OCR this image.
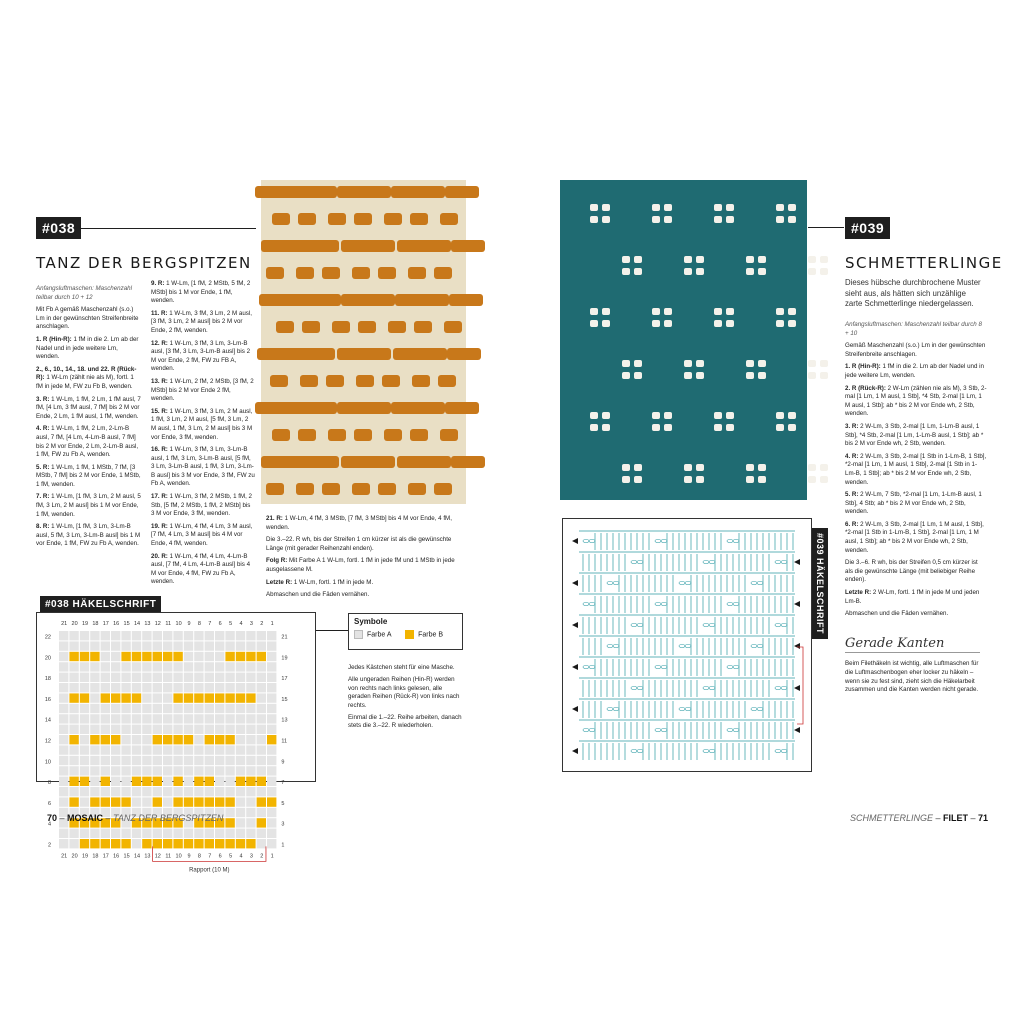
#038
TANZ DER BERGSPITZEN

Anfangsluftmaschen: Maschenzahl teilbar durch 10 + 12

Mit Fb A gemäß Maschenzahl (s.o.) Lm in der gewünschten Streifenbreite anschlagen.

1. R (Hin-R): 1 fM in die 2. Lm ab der Nadel und in jede weitere Lm, wenden.

2., 6., 10., 14., 18. und 22. R (Rück-R): 1 W-Lm (zählt nie als M), fortl. 1 fM in jede M, FW zu Fb B, wenden.

3. R: 1 W-Lm, 1 fM, 2 Lm, 1 fM ausl, 7 fM, [4 Lm, 3 fM ausl, 7 fM] bis 2 M vor Ende, 2 Lm, 1 fM ausl, 1 fM, wenden.

4. R: 1 W-Lm, 1 fM, 2 Lm, 2-Lm-B ausl, 7 fM, [4 Lm, 4-Lm-B ausl, 7 fM] bis 2 M vor Ende, 2 Lm, 2-Lm-B ausl, 1 fM, FW zu Fb A, wenden.

5. R: 1 W-Lm, 1 fM, 1 MStb, 7 fM, [3 MStb, 7 fM] bis 2 M vor Ende, 1 MStb, 1 fM, wenden.

7. R: 1 W-Lm, [1 fM, 3 Lm, 2 M ausl, 5 fM, 3 Lm, 2 M ausl] bis 1 M vor Ende, 1 fM, wenden.

8. R: 1 W-Lm, [1 fM, 3 Lm, 3-Lm-B ausl, 5 fM, 3 Lm, 3-Lm-B ausl] bis 1 M vor Ende, 1 fM, FW zu Fb A, wenden.

9. R: 1 W-Lm, [1 fM, 2 MStb, 5 fM, 2 MStb] bis 1 M vor Ende, 1 fM, wenden.

11. R: 1 W-Lm, 3 fM, 3 Lm, 2 M ausl, [3 fM, 3 Lm, 2 M ausl] bis 2 M vor Ende, 2 fM, wenden.

12. R: 1 W-Lm, 3 fM, 3 Lm, 3-Lm-B ausl, [3 fM, 3 Lm, 3-Lm-B ausl] bis 2 M vor Ende, 2 fM, FW zu FB A, wenden.

13. R: 1 W-Lm, 2 fM, 2 MStb, [3 fM, 2 MStb] bis 2 M vor Ende 2 fM, wenden.

15. R: 1 W-Lm, 3 fM, 3 Lm, 2 M ausl, 1 fM, 3 Lm, 2 M ausl, [5 fM, 3 Lm, 2 M ausl, 1 fM, 3 Lm, 2 M ausl] bis 3 M vor Ende, 3 fM, wenden.

16. R: 1 W-Lm, 3 fM, 3 Lm, 3-Lm-B ausl, 1 fM, 3 Lm, 3-Lm-B ausl, [5 fM, 3 Lm, 3-Lm-B ausl, 1 fM, 3 Lm, 3-Lm-B ausl] bis 3 M vor Ende, 3 fM, FW zu Fb A, wenden.

17. R: 1 W-Lm, 3 fM, 2 MStb, 1 fM, 2 Stb, [5 fM, 2 MStb, 1 fM, 2 MStb] bis 3 M vor Ende, 3 fM, wenden.

19. R: 1 W-Lm, 4 fM, 4 Lm, 3 M ausl, [7 fM, 4 Lm, 3 M ausl] bis 4 M vor Ende, 4 fM, wenden.

20. R: 1 W-Lm, 4 fM, 4 Lm, 4-Lm-B ausl, [7 fM, 4 Lm, 4-Lm-B ausl] bis 4 M vor Ende, 4 fM, FW zu Fb A, wenden.

21. R: 1 W-Lm, 4 fM, 3 MStb, [7 fM, 3 MStb] bis 4 M vor Ende, 4 fM, wenden.

Die 3.–22. R wh, bis der Streifen 1 cm kürzer ist als die gewünschte Länge (mit gerader Reihenzahl enden).

Folg R: Mit Farbe A 1 W-Lm, fortl. 1 fM in jede fM und 1 MStb in jede ausgelassene M.

Letzte R: 1 W-Lm, fortl. 1 fM in jede M.

Abmaschen und die Fäden vernähen.

#038 HÄKELSCHRIFT
21 20 19 18 17 16 15 14 13 12 11 10 9 8 7 6 5 4 3 2 1
21 20 19 18 17 16 15 14 13 12 11 10 9 8 7 6 5 4 3 2 1
22
20
18
16
14
12
10
8
6
4
2
21
19
17
15
13
11
9
7
5
3
1
Rapport (10 M)
Symbole
Farbe A	Farbe B

Jedes Kästchen steht für eine Masche.

Alle ungeraden Reihen (Hin-R) werden von rechts nach links gelesen, alle geraden Reihen (Rück-R) von links nach rechts.

Einmal die 1.–22. Reihe arbeiten, danach stets die 3.–22. R wiederholen.

70 – MOSAIC – TANZ DER BERGSPITZEN
#039
SCHMETTERLINGE
Dieses hübsche durchbrochene Muster sieht aus, als hätten sich unzählige zarte Schmetterlinge niedergelassen.

Anfangsluftmaschen: Maschenzahl teilbar durch 8 + 10

Gemäß Maschenzahl (s.o.) Lm in der gewünschten Streifenbreite anschlagen.

1. R (Hin-R): 1 fM in die 2. Lm ab der Nadel und in jede weitere Lm, wenden.

2. R (Rück-R): 2 W-Lm (zählen nie als M), 3 Stb, 2-mal [1 Lm, 1 M ausl, 1 Stb], *4 Stb, 2-mal [1 Lm, 1 M ausl, 1 Stb]; ab * bis 2 M vor Ende wh, 2 Stb, wenden.

3. R: 2 W-Lm, 3 Stb, 2-mal [1 Lm, 1-Lm-B ausl, 1 Stb], *4 Stb, 2-mal [1 Lm, 1-Lm-B ausl, 1 Stb]; ab * bis 2 M vor Ende wh, 2 Stb, wenden.

4. R: 2 W-Lm, 3 Stb, 2-mal [1 Stb in 1-Lm-B, 1 Stb], *2-mal [1 Lm, 1 M ausl, 1 Stb], 2-mal [1 Stb in 1-Lm-B, 1 Stb]; ab * bis 2 M vor Ende wh, 2 Stb, wenden.

5. R: 2 W-Lm, 7 Stb, *2-mal [1 Lm, 1-Lm-B ausl, 1 Stb], 4 Stb; ab * bis 2 M vor Ende wh, 2 Stb, wenden.

6. R: 2 W-Lm, 3 Stb, 2-mal [1 Lm, 1 M ausl, 1 Stb], *2-mal [1 Stb in 1-Lm-B, 1 Stb], 2-mal [1 Lm, 1 M ausl, 1 Stb]; ab * bis 2 M vor Ende wh, 2 Stb, wenden.

Die 3.–6. R wh, bis der Streifen 0,5 cm kürzer ist als die gewünschte Länge (mit beliebiger Reihe enden).

Letzte R: 2 W-Lm, fortl. 1 fM in jede M und jeden Lm-B.

Abmaschen und die Fäden vernähen.

#039 HÄKELSCHRIFT
Gerade Kanten
Beim Filethäkeln ist wichtig, alle Luftmaschen für die Luftmaschenbogen eher locker zu häkeln – wenn sie zu fest sind, zieht sich die Häkelarbeit zusammen und die Kanten werden nicht gerade.
SCHMETTERLINGE – FILET – 71
